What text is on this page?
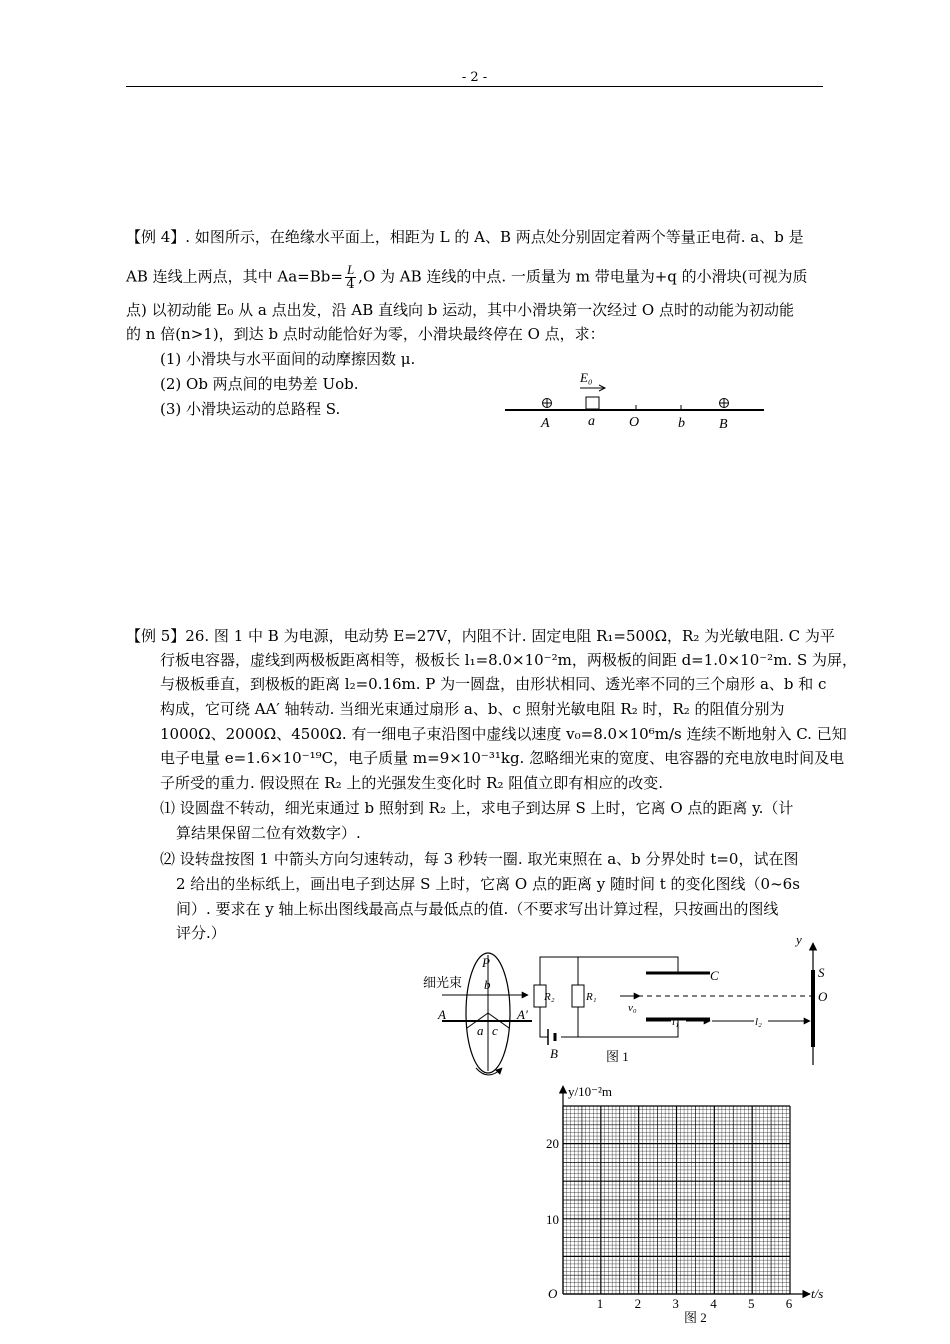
- 2 -
【例 4】. 如图所示，在绝缘水平面上，相距为 L 的 A、B 两点处分别固定着两个等量正电荷. a、b 是
AB 连线上两点，其中 $Aa=Bb= \frac{L}{4} ,O$ 为 AB 连线的中点. 一质量为 m 带电量为+q 的小滑块(可视为质
点) 以初动能 E₀ 从 a 点出发，沿 AB 直线向 b 运动，其中小滑块第一次经过 O 点时的动能为初动能
的 n 倍(n>1)，到达 b 点时动能恰好为零，小滑块最终停在 O 点，求：
(1) 小滑块与水平面间的动摩擦因数 μ.
(2) Ob 两点间的电势差 Uob.
(3) 小滑块运动的总路程 S.
E₀
A	a O	b B
【例 5】26. 图 1 中 B 为电源，电动势 E=27V，内阻不计. 固定电阻 R₁=500Ω，R₂ 为光敏电阻. C 为平
行板电容器，虚线到两极板距离相等，极板长 l₁=8.0×10⁻²m，两极板的间距 d=1.0×10⁻²m. S 为屏，
与极板垂直，到极板的距离 l₂=0.16m. P 为一圆盘，由形状相同、透光率不同的三个扇形 a、b 和 c
构成，它可绕 AA′ 轴转动. 当细光束通过扇形 a、b、c 照射光敏电阻 R₂ 时，R₂ 的阻值分别为
1000Ω、2000Ω、4500Ω. 有一细电子束沿图中虚线以速度 v₀=8.0×10⁶m/s 连续不断地射入 C. 已知
电子电量 e=1.6×10⁻¹⁹C，电子质量 m=9×10⁻³¹kg. 忽略细光束的宽度、电容器的充电放电时间及电
子所受的重力. 假设照在 R₂ 上的光强发生变化时 R₂ 阻值立即有相应的改变.
⑴ 设圆盘不转动，细光束通过 b 照射到 R₂ 上，求电子到达屏 S 上时，它离 O 点的距离 y.（计
算结果保留二位有效数字）.
⑵ 设转盘按图 1 中箭头方向匀速转动，每 3 秒转一圈. 取光束照在 a、b 分界处时 t=0，试在图
2 给出的坐标纸上，画出电子到达屏 S 上时，它离 O 点的距离 y 随时间 t 的变化图线（0~6s
间）. 要求在 y 轴上标出图线最高点与最低点的值.（不要求写出计算过程，只按画出的图线
评分.）	y
S
O
细光束
P
b
a c
A	A′
R₂	R₁
B
C
v₀
l₁	l₂
图 1
y/10⁻²m
t/s
O
10
20
1 2 3 4 5 6
图 2
